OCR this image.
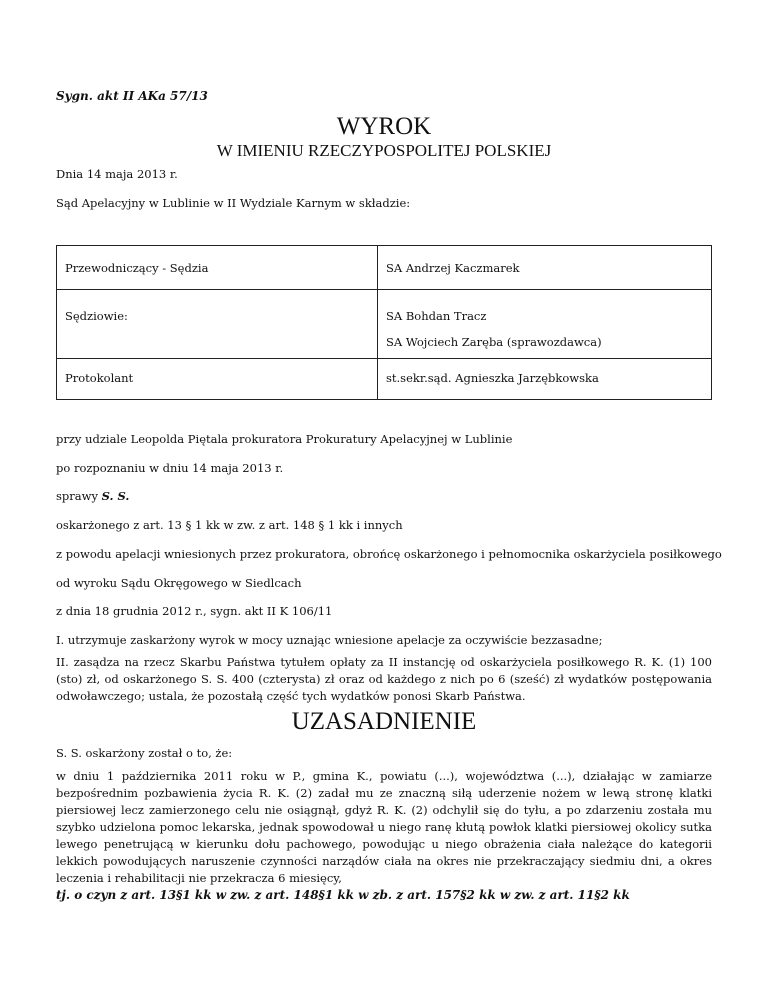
Sygn. akt II AKa 57/13
WYROK
W IMIENIU RZECZYPOSPOLITEJ POLSKIEJ
Dnia 14 maja 2013 r.
Sąd Apelacyjny w Lublinie w II Wydziale Karnym w składzie:
Przewodniczący - Sędzia	SA Andrzej Kaczmarek

Sędziowie:	SA Bohdan Tracz
SA Wojciech Zaręba (sprawozdawca)

Protokolant	st.sekr.sąd. Agnieszka Jarzębkowska
przy udziale Leopolda Piętala prokuratora Prokuratury Apelacyjnej w Lublinie
po rozpoznaniu w dniu 14 maja 2013 r.
sprawy S. S.
oskarżonego z art. 13 § 1 kk w zw. z art. 148 § 1 kk i innych
z powodu apelacji wniesionych przez prokuratora, obrońcę oskarżonego i pełnomocnika oskarżyciela posiłkowego
od wyroku Sądu Okręgowego w Siedlcach
z dnia 18 grudnia 2012 r., sygn. akt II K 106/11
I. utrzymuje zaskarżony wyrok w mocy uznając wniesione apelacje za oczywiście bezzasadne;
II. zasądza na rzecz Skarbu Państwa tytułem opłaty za II instancję od oskarżyciela posiłkowego R. K. (1) 100 (sto) zł, od oskarżonego S. S. 400 (czterysta) zł oraz od każdego z nich po 6 (sześć) zł wydatków postępowania odwoławczego; ustala, że pozostałą część tych wydatków ponosi Skarb Państwa.
UZASADNIENIE
S. S. oskarżony został o to, że:
w dniu 1 października 2011 roku w P., gmina K., powiatu (...), województwa (...), działając w zamiarze bezpośrednim pozbawienia życia R. K. (2) zadał mu ze znaczną siłą uderzenie nożem w lewą stronę klatki piersiowej lecz zamierzonego celu nie osiągnął, gdyż R. K. (2) odchylił się do tyłu, a po zdarzeniu została mu szybko udzielona pomoc lekarska, jednak spowodował u niego ranę kłutą powłok klatki piersiowej okolicy sutka lewego penetrującą w kierunku dołu pachowego, powodując u niego obrażenia ciała należące do kategorii lekkich powodujących naruszenie czynności narządów ciała na okres nie przekraczający siedmiu dni, a okres leczenia i rehabilitacji nie przekracza 6 miesięcy,
tj. o czyn z art. 13§1 kk w zw. z art. 148§1 kk w zb. z art. 157§2 kk w zw. z art. 11§2 kk
